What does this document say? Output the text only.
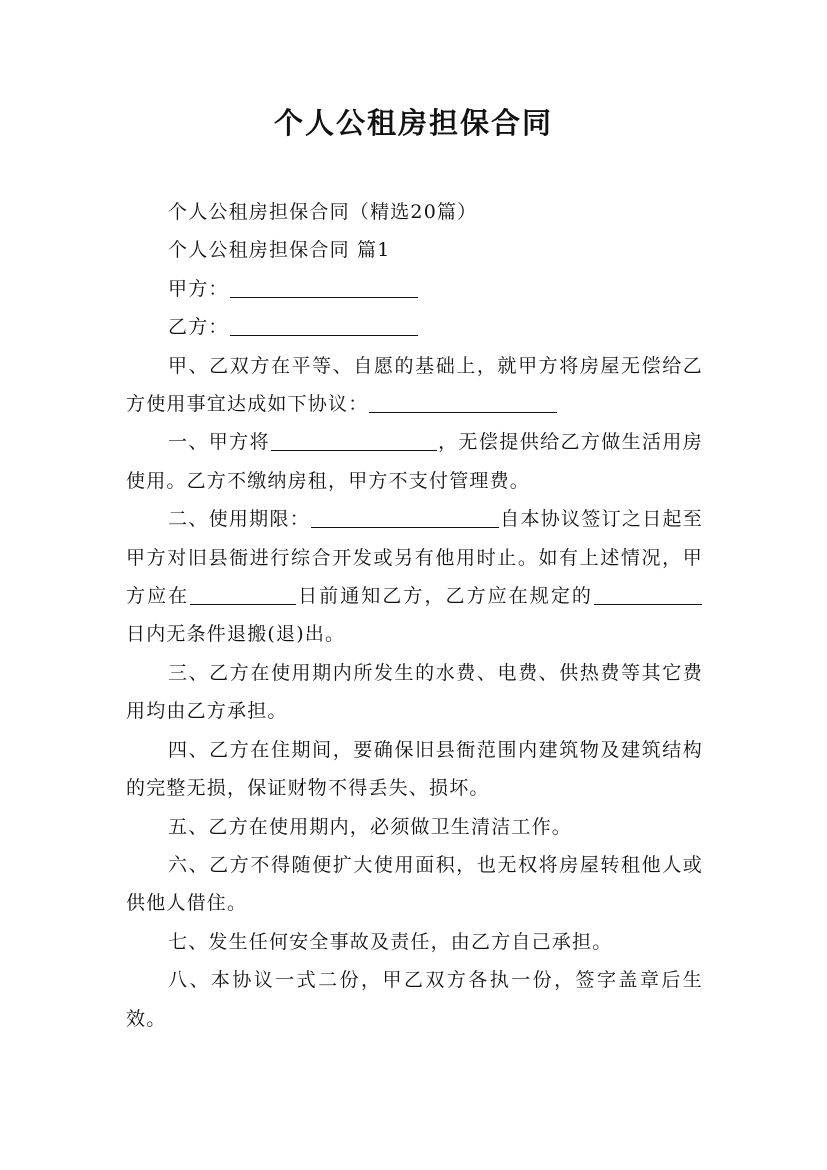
个人公租房担保合同

个人公租房担保合同（精选20篇）

个人公租房担保合同 篇1

甲方：

乙方：

甲、乙双方在平等、自愿的基础上，就甲方将房屋无偿给乙方使用事宜达成如下协议：

一、甲方将	，无偿提供给乙方做生活用房使用。乙方不缴纳房租，甲方不支付管理费。

二、使用期限：	自本协议签订之日起至甲方对旧县衙进行综合开发或另有他用时止。如有上述情况，甲方应在	日前通知乙方，乙方应在规定的日内无条件退搬(退)出。

三、乙方在使用期内所发生的水费、电费、供热费等其它费用均由乙方承担。

四、乙方在住期间，要确保旧县衙范围内建筑物及建筑结构的完整无损，保证财物不得丢失、损坏。

五、乙方在使用期内，必须做卫生清洁工作。

六、乙方不得随便扩大使用面积，也无权将房屋转租他人或供他人借住。

七、发生任何安全事故及责任，由乙方自己承担。

八、本协议一式二份，甲乙双方各执一份，签字盖章后生效。
